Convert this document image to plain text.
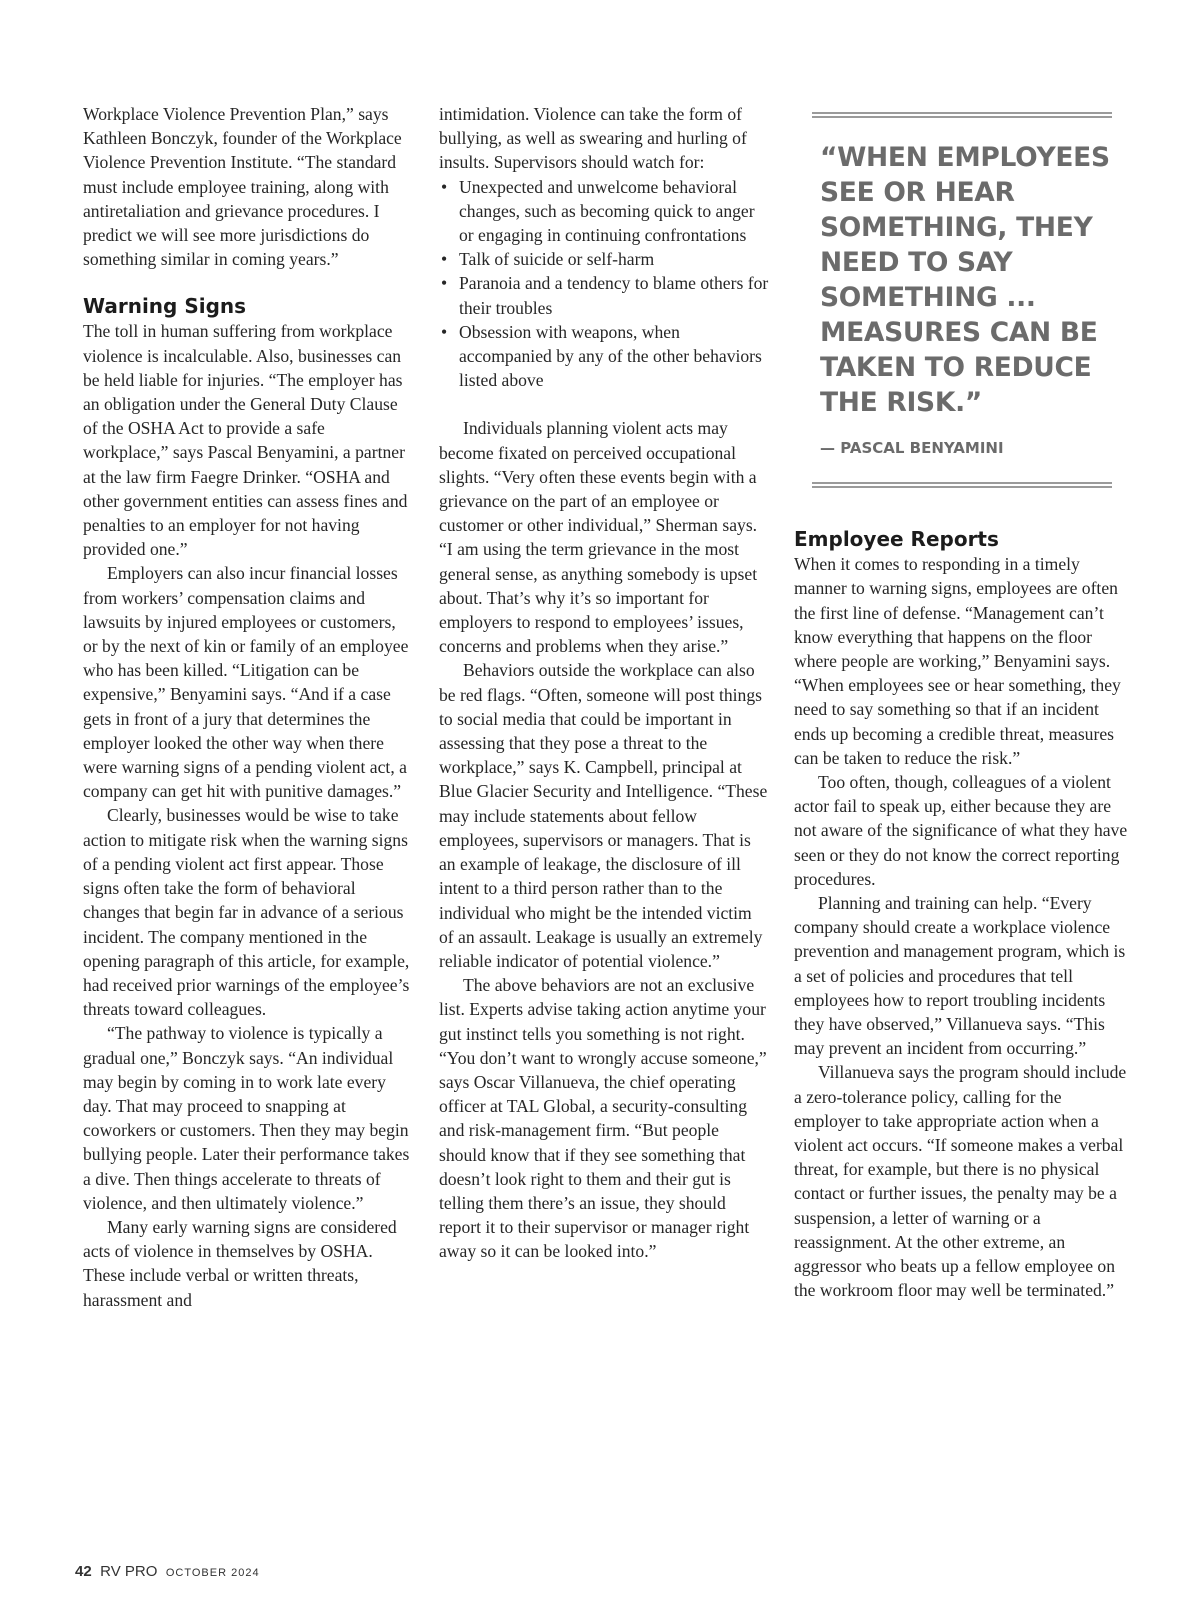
Workplace Violence Prevention Plan,” says Kathleen Bonczyk, founder of the Workplace Violence Prevention Institute. “The standard must include employee training, along with antiretaliation and grievance procedures. I predict we will see more jurisdictions do something similar in coming years.”

Warning Signs

The toll in human suffering from workplace violence is incalculable. Also, businesses can be held liable for injuries. “The employer has an obligation under the General Duty Clause of the OSHA Act to provide a safe workplace,” says Pascal Benyamini, a partner at the law firm Faegre Drinker. “OSHA and other government entities can assess fines and penalties to an employer for not having provided one.”

Employers can also incur financial losses from workers’ compensation claims and lawsuits by injured employees or customers, or by the next of kin or family of an employee who has been killed. “Litigation can be expensive,” Benyamini says. “And if a case gets in front of a jury that determines the employer looked the other way when there were warning signs of a pending violent act, a company can get hit with punitive damages.”

Clearly, businesses would be wise to take action to mitigate risk when the warning signs of a pending violent act first appear. Those signs often take the form of behavioral changes that begin far in advance of a serious incident. The company mentioned in the opening paragraph of this article, for example, had received prior warnings of the employee’s threats toward colleagues.

“The pathway to violence is typically a gradual one,” Bonczyk says. “An individual may begin by coming in to work late every day. That may proceed to snapping at coworkers or customers. Then they may begin bullying people. Later their performance takes a dive. Then things accelerate to threats of violence, and then ultimately violence.”

Many early warning signs are considered acts of violence in themselves by OSHA. These include verbal or written threats, harassment and

intimidation. Violence can take the form of bullying, as well as swearing and hurling of insults. Supervisors should watch for:

• Unexpected and unwelcome behavioral changes, such as becoming quick to anger or engaging in continuing confrontations
• Talk of suicide or self-harm
• Paranoia and a tendency to blame others for their troubles
• Obsession with weapons, when accompanied by any of the other behaviors listed above

Individuals planning violent acts may become fixated on perceived occupational slights. “Very often these events begin with a grievance on the part of an employee or customer or other individual,” Sherman says. “I am using the term grievance in the most general sense, as anything somebody is upset about. That’s why it’s so important for employers to respond to employees’ issues, concerns and problems when they arise.”

Behaviors outside the workplace can also be red flags. “Often, someone will post things to social media that could be important in assessing that they pose a threat to the workplace,” says K. Campbell, principal at Blue Glacier Security and Intelligence. “These may include statements about fellow employees, supervisors or managers. That is an example of leakage, the disclosure of ill intent to a third person rather than to the individual who might be the intended victim of an assault. Leakage is usually an extremely reliable indicator of potential violence.”

The above behaviors are not an exclusive list. Experts advise taking action anytime your gut instinct tells you something is not right. “You don’t want to wrongly accuse someone,” says Oscar Villanueva, the chief operating officer at TAL Global, a security-consulting and risk-management firm. “But people should know that if they see something that doesn’t look right to them and their gut is telling them there’s an issue, they should report it to their supervisor or manager right away so it can be looked into.”

“WHEN EMPLOYEES SEE OR HEAR SOMETHING, THEY NEED TO SAY SOMETHING ... MEASURES CAN BE TAKEN TO REDUCE THE RISK.”
— PASCAL BENYAMINI
Employee Reports

When it comes to responding in a timely manner to warning signs, employees are often the first line of defense. “Management can’t know everything that happens on the floor where people are working,” Benyamini says. “When employees see or hear something, they need to say something so that if an incident ends up becoming a credible threat, measures can be taken to reduce the risk.”

Too often, though, colleagues of a violent actor fail to speak up, either because they are not aware of the significance of what they have seen or they do not know the correct reporting procedures.

Planning and training can help. “Every company should create a workplace violence prevention and management program, which is a set of policies and procedures that tell employees how to report troubling incidents they have observed,” Villanueva says. “This may prevent an incident from occurring.”

Villanueva says the program should include a zero-tolerance policy, calling for the employer to take appropriate action when a violent act occurs. “If someone makes a verbal threat, for example, but there is no physical contact or further issues, the penalty may be a suspension, a letter of warning or a reassignment. At the other extreme, an aggressor who beats up a fellow employee on the workroom floor may well be terminated.”

42 RV PRO OCTOBER 2024
